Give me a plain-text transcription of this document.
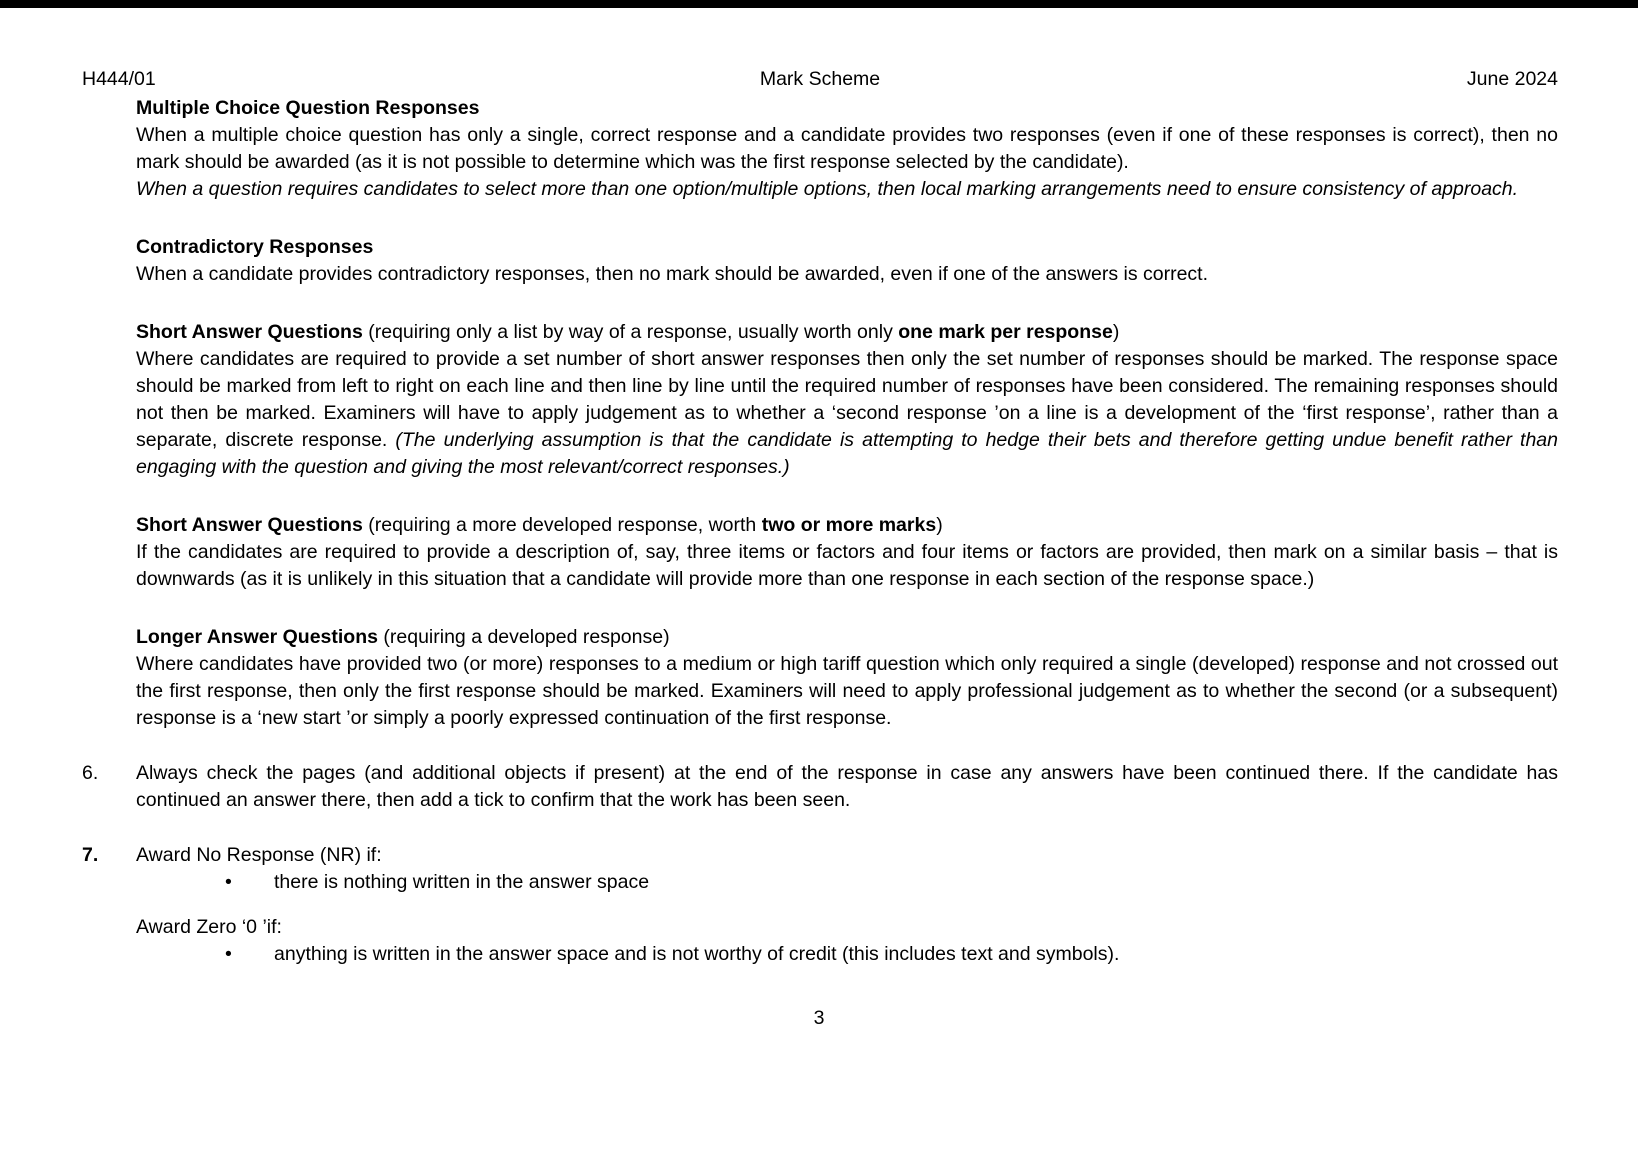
H444/01	Mark Scheme	June 2024
Multiple Choice Question Responses

When a multiple choice question has only a single, correct response and a candidate provides two responses (even if one of these responses is correct), then no mark should be awarded (as it is not possible to determine which was the first response selected by the candidate).

When a question requires candidates to select more than one option/multiple options, then local marking arrangements need to ensure consistency of approach.

Contradictory Responses

When a candidate provides contradictory responses, then no mark should be awarded, even if one of the answers is correct.

Short Answer Questions (requiring only a list by way of a response, usually worth only one mark per response)

Where candidates are required to provide a set number of short answer responses then only the set number of responses should be marked. The response space should be marked from left to right on each line and then line by line until the required number of responses have been considered. The remaining responses should not then be marked. Examiners will have to apply judgement as to whether a ‘second response ’on a line is a development of the ‘first response’, rather than a separate, discrete response. (The underlying assumption is that the candidate is attempting to hedge their bets and therefore getting undue benefit rather than engaging with the question and giving the most relevant/correct responses.)

Short Answer Questions (requiring a more developed response, worth two or more marks)

If the candidates are required to provide a description of, say, three items or factors and four items or factors are provided, then mark on a similar basis – that is downwards (as it is unlikely in this situation that a candidate will provide more than one response in each section of the response space.)

Longer Answer Questions (requiring a developed response)

Where candidates have provided two (or more) responses to a medium or high tariff question which only required a single (developed) response and not crossed out the first response, then only the first response should be marked. Examiners will need to apply professional judgement as to whether the second (or a subsequent) response is a ‘new start ’or simply a poorly expressed continuation of the first response.

6.	Always check the pages (and additional objects if present) at the end of the response in case any answers have been continued there. If the candidate has continued an answer there, then add a tick to confirm that the work has been seen.

7.	Award No Response (NR) if:

•	there is nothing written in the answer space

Award Zero ‘0 ’if:

•	anything is written in the answer space and is not worthy of credit (this includes text and symbols).
3
